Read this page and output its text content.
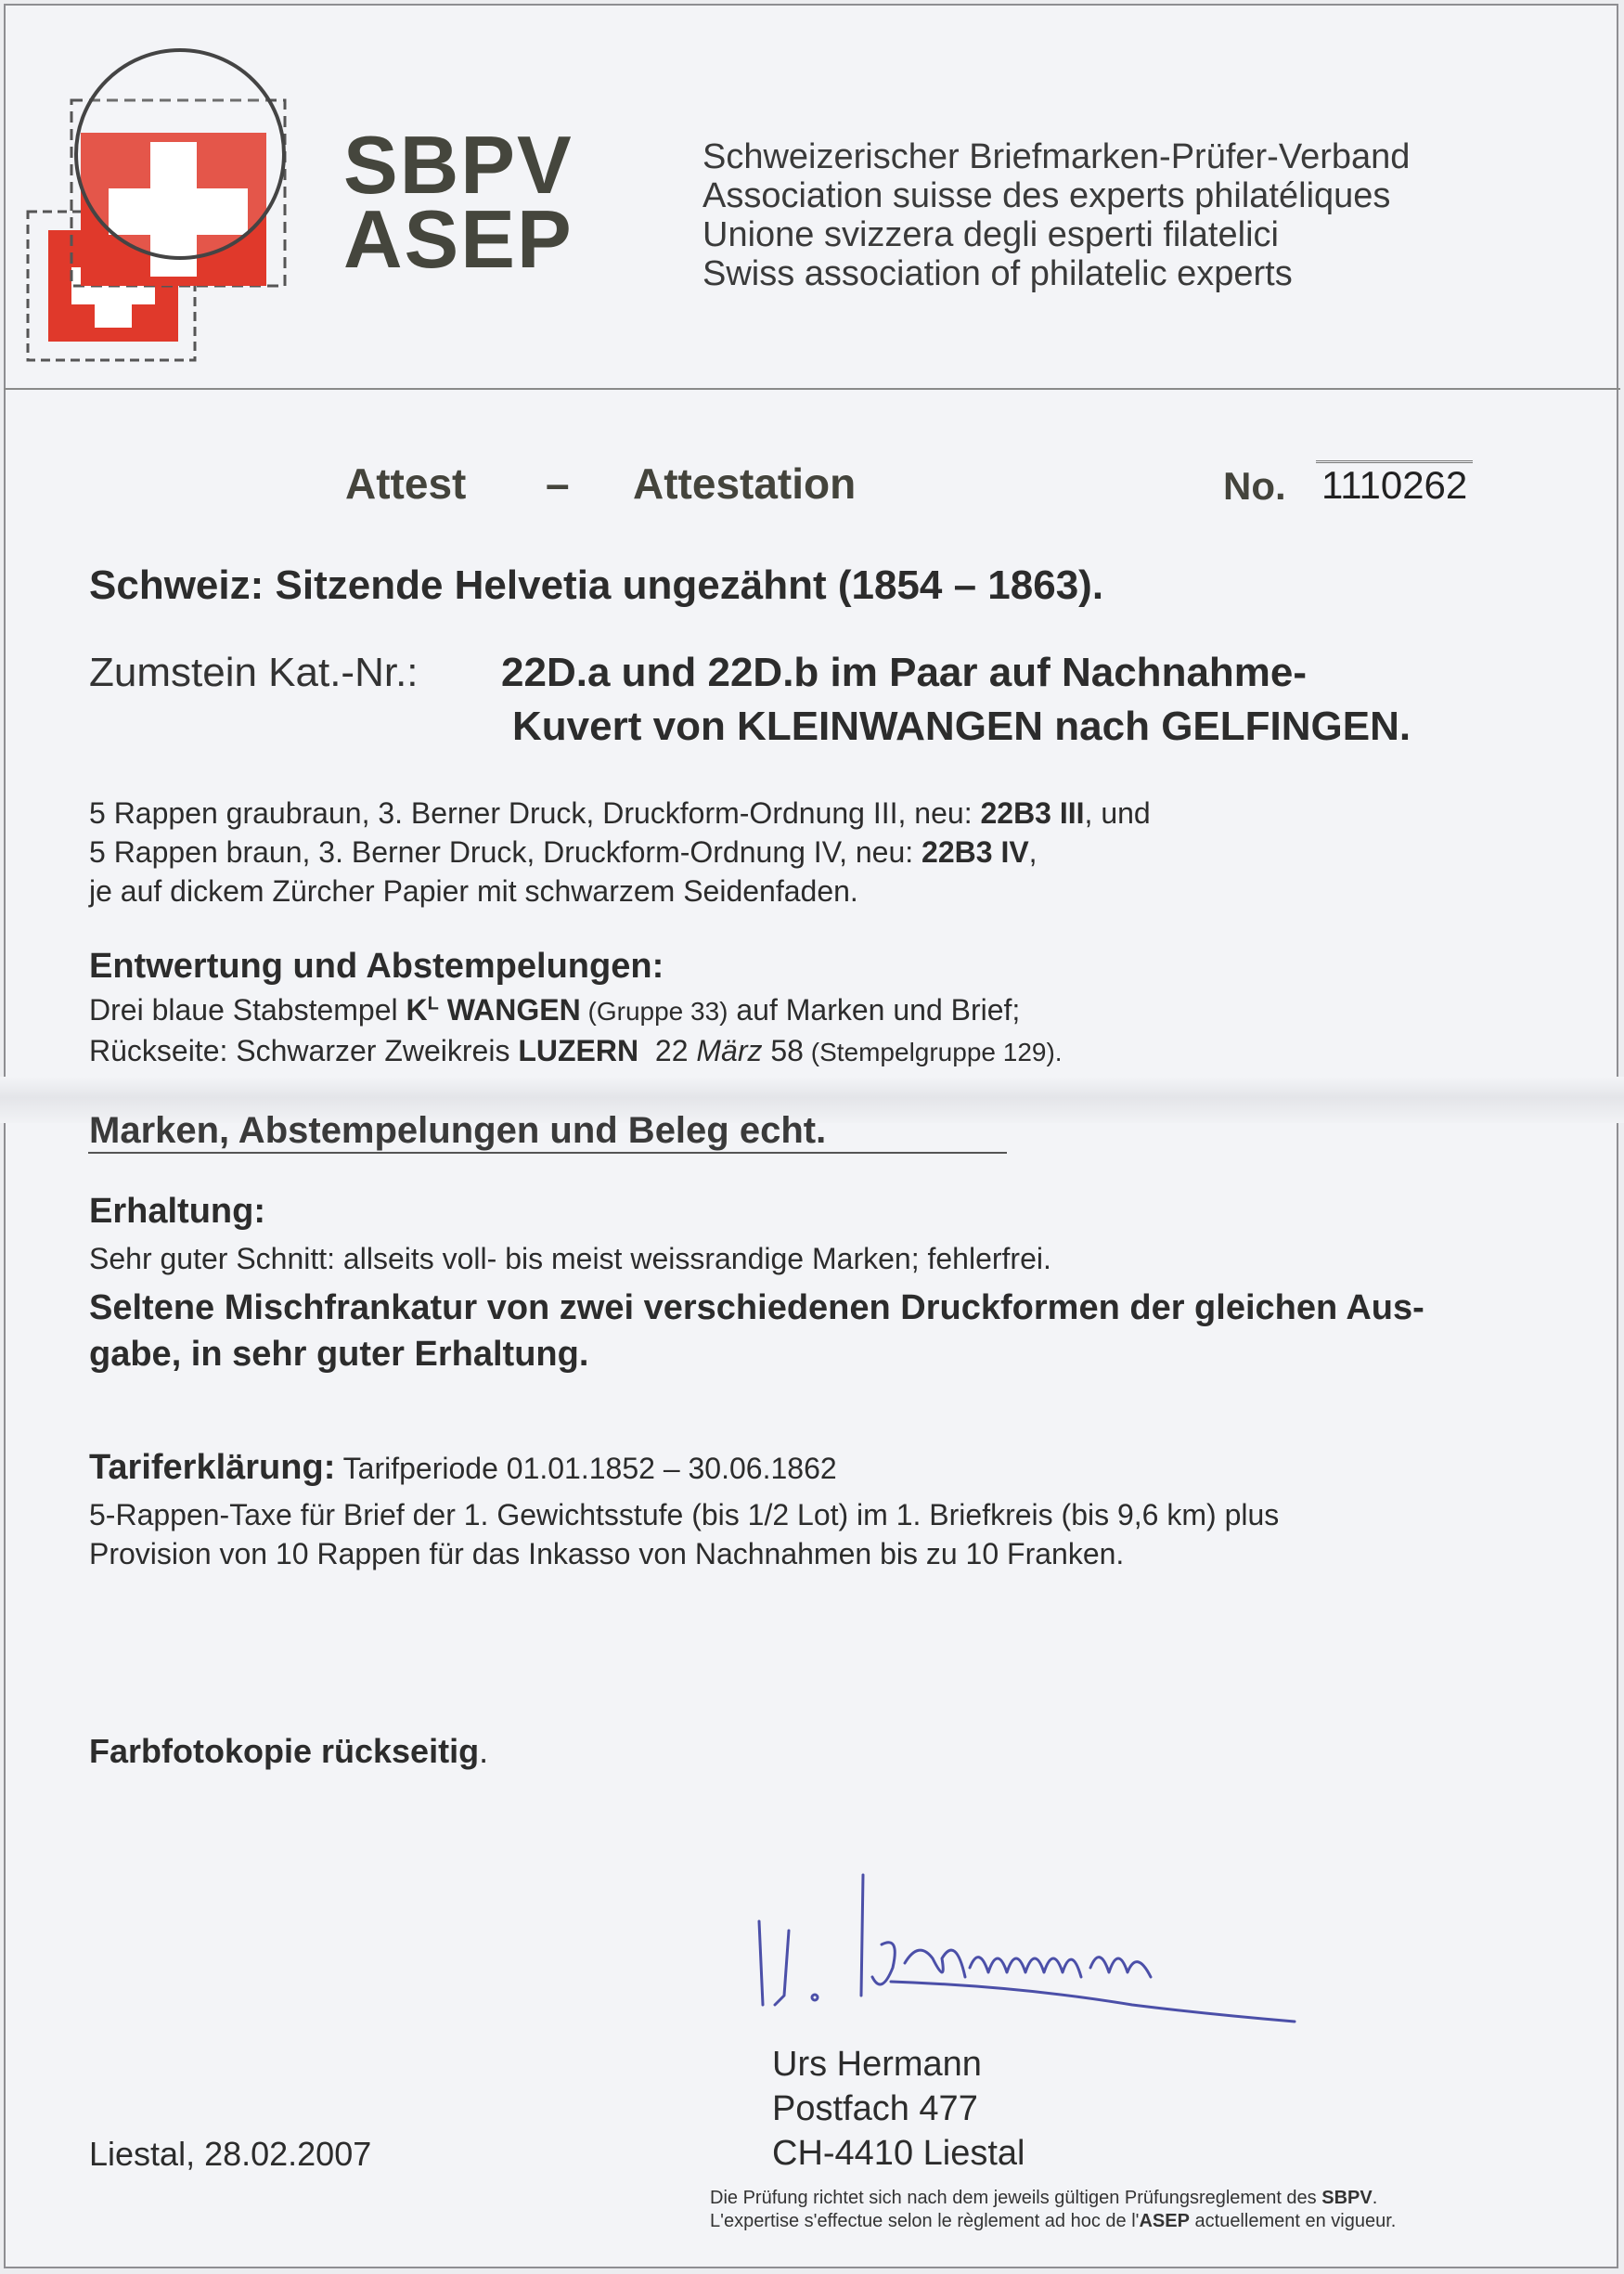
SBPV
ASEP
Schweizerischer Briefmarken-Prüfer-Verband
Association suisse des experts philatéliques
Unione svizzera degli esperti filatelici
Swiss association of philatelic experts
Attest – Attestation	No. 1110262
Schweiz: Sitzende Helvetia ungezähnt (1854 – 1863).
Zumstein Kat.-Nr.: 22D.a und 22D.b im Paar auf Nachnahme-
Kuvert von KLEINWANGEN nach GELFINGEN.
5 Rappen graubraun, 3. Berner Druck, Druckform-Ordnung III, neu: 22B3 III, und
5 Rappen braun, 3. Berner Druck, Druckform-Ordnung IV, neu: 22B3 IV,
je auf dickem Zürcher Papier mit schwarzem Seidenfaden.
Entwertung und Abstempelungen:
Drei blaue Stabstempel $K^L$ WANGEN (Gruppe 33) auf Marken und Brief;
Rückseite: Schwarzer Zweikreis LUZERN  22 März 58 (Stempelgruppe 129).
Marken, Abstempelungen und Beleg echt.
Erhaltung:
Sehr guter Schnitt: allseits voll- bis meist weissrandige Marken; fehlerfrei.
Seltene Mischfrankatur von zwei verschiedenen Druckformen der gleichen Aus-
gabe, in sehr guter Erhaltung.
Tariferklärung: Tarifperiode 01.01.1852 – 30.06.1862
5-Rappen-Taxe für Brief der 1. Gewichtsstufe (bis 1/2 Lot) im 1. Briefkreis (bis 9,6 km) plus
Provision von 10 Rappen für das Inkasso von Nachnahmen bis zu 10 Franken.
Farbfotokopie rückseitig.
Urs Hermann
Postfach 477
CH-4410 Liestal
Liestal, 28.02.2007
Die Prüfung richtet sich nach dem jeweils gültigen Prüfungsreglement des SBPV.
L'expertise s'effectue selon le règlement ad hoc de l'ASEP actuellement en vigueur.
